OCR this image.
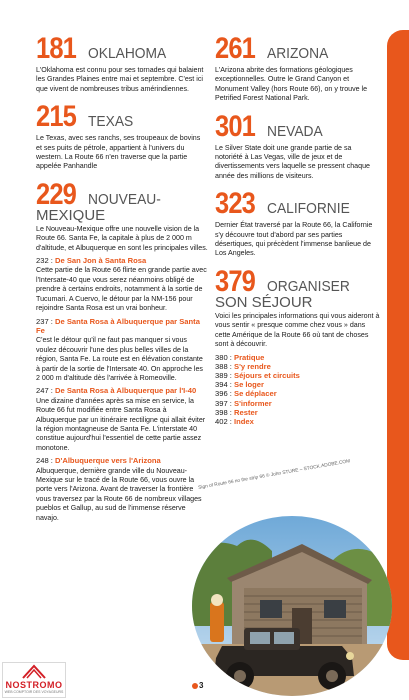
181 OKLAHOMA

L'Oklahoma est connu pour ses tornades qui balaient les Grandes Plaines entre mai et septembre. C'est ici que vivent de nombreuses tribus amérindiennes.

215 TEXAS

Le Texas, avec ses ranchs, ses troupeaux de bovins et ses puits de pétrole, appartient à l'univers du western. La Route 66 n'en traverse que la partie appelée Panhandle

229 NOUVEAU-
MEXIQUE

Le Nouveau-Mexique offre une nouvelle vision de la Route 66. Santa Fe, la capitale à plus de 2 000 m d'altitude, et Albuquerque en sont les principales villes.

232 : De San Jon à Santa Rosa

Cette partie de la Route 66 flirte en grande partie avec l'Intersate-40 que vous serez néanmoins obligé de prendre à certains endroits, notamment à la sortie de Tucumari. A Cuervo, le détour par la NM-156 pour rejoindre Santa Rosa est un vrai bonheur.

237 : De Santa Rosa à Albuquerque par Santa Fe

C'est le détour qu'il ne faut pas manquer si vous voulez découvrir l'une des plus belles villes de la région, Santa Fe. La route est en élévation constante à partir de la sortie de l'Intersate 40. On approche les 2 000 m d'altitude dès l'arrivée à Romeoville.

247 : De Santa Rosa à Albuquerque par l'I-40

Une dizaine d'années après sa mise en service, la Route 66 fut modifiée entre Santa Rosa à Albuquerque par un itinéraire rectiligne qui allait éviter la région montagneuse de Santa Fe. L'interstate 40 constitue aujourd'hui l'essentiel de cette partie assez monotone.

248 : D'Albuquerque vers l'Arizona

Albuquerque, dernière grande ville du Nouveau-Mexique sur le tracé de la Route 66, vous ouvre la porte vers l'Arizona. Avant de traverser la frontière vous traversez par la Route 66 de nombreux villages pueblos et Gallup, au sud de l'immense réserve navajo.

261 ARIZONA

L'Arizona abrite des formations géologiques exceptionnelles. Outre le Grand Canyon et Monument Valley (hors Route 66), on y trouve le Petrified Forest National Park.

301 NEVADA

Le Silver State doit une grande partie de sa notoriété à Las Vegas, ville de jeux et de divertissements vers laquelle se pressent chaque année des millions de visiteurs.

323 CALIFORNIE

Dernier État traversé par la Route 66, la Californie s'y découvre tout d'abord par ses parties désertiques, qui précèdent l'immense banlieue de Los Angeles.

379 ORGANISER
SON SÉJOUR

Voici les principales informations qui vous aideront à vous sentir « presque comme chez vous » dans cette Amérique de la Route 66 où tant de choses sont à découvrir.

380 : Pratique
388 : S'y rendre
389 : Séjours et circuits
394 : Se loger
396 : Se déplacer
397 : S'informer
398 : Rester
402 : Index
Sign of Route 66 no the strip 66 © John STURE – STOCK.ADOBE.COM
3
NOSTROMO
WEB COMPTOIR DES VOYAGEURS
